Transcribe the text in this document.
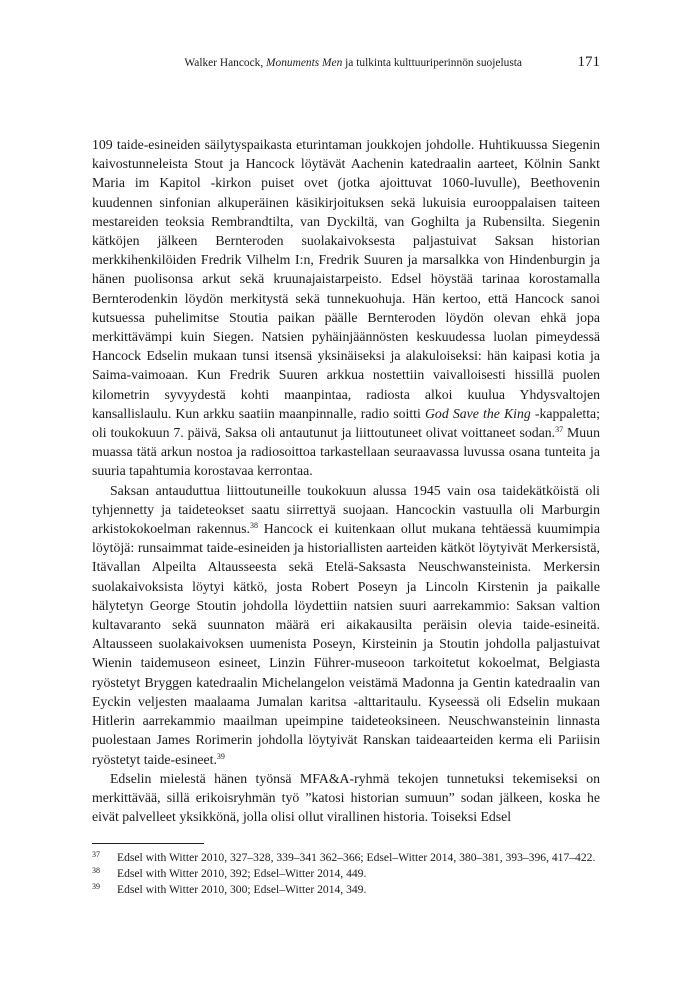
Walker Hancock, Monuments Men ja tulkinta kulttuuriperinnön suojelusta	171

109 taide-esineiden säilytyspaikasta eturintaman joukkojen johdolle. Huhtikuussa Siegenin kaivostunneleista Stout ja Hancock löytävät Aachenin katedraalin aarteet, Kölnin Sankt Maria im Kapitol -kirkon puiset ovet (jotka ajoittuvat 1060-luvulle), Beethovenin kuudennen sinfonian alkuperäinen käsikirjoituksen sekä lukuisia eurooppalaisen taiteen mestareiden teoksia Rembrandtilta, van Dyckiltä, van Goghilta ja Rubensilta. Siegenin kätköjen jälkeen Bernteroden suolakaivoksesta paljastuivat Saksan historian merkkihenkilöiden Fredrik Vilhelm I:n, Fredrik Suuren ja marsalkka von Hindenburgin ja hänen puolisonsa arkut sekä kruunajaistarpeisto. Edsel höystää tarinaa korostamalla Bernterodenkin löydön merkitystä sekä tunnekuohuja. Hän kertoo, että Hancock sanoi kutsuessa puhelimitse Stoutia paikan päälle Bernteroden löydön olevan ehkä jopa merkittävämpi kuin Siegen. Natsien pyhäinjäännösten keskuudessa luolan pimeydessä Hancock Edselin mukaan tunsi itsensä yksinäiseksi ja alakuloiseksi: hän kaipasi kotia ja Saima-vaimoaan. Kun Fredrik Suuren arkkua nostettiin vaivalloisesti hissillä puolen kilometrin syvyydestä kohti maanpintaa, radiosta alkoi kuulua Yhdysvaltojen kansallislaulu. Kun arkku saatiin maanpinnalle, radio soitti God Save the King -kappaletta; oli toukokuun 7. päivä, Saksa oli antautunut ja liittoutuneet olivat voittaneet sodan.$^{37}$ Muun muassa tätä arkun nostoa ja radiosoittoa tarkastellaan seuraavassa luvussa osana tunteita ja suuria tapahtumia korostavaa kerrontaa.

Saksan antauduttua liittoutuneille toukokuun alussa 1945 vain osa taidekätköistä oli tyhjennetty ja taideteokset saatu siirrettyä suojaan. Hancockin vastuulla oli Marburgin arkistokokoelman rakennus.$^{38}$ Hancock ei kuitenkaan ollut mukana tehtäessä kuumimpia löytöjä: runsaimmat taide-esineiden ja historiallisten aarteiden kätköt löytyivät Merkersistä, Itävallan Alpeilta Altausseesta sekä Etelä-Saksasta Neuschwansteinista. Merkersin suolakaivoksista löytyi kätkö, josta Robert Poseyn ja Lincoln Kirstenin ja paikalle hälytetyn George Stoutin johdolla löydettiin natsien suuri aarrekammio: Saksan valtion kultavaranto sekä suunnaton määrä eri aikakausilta peräisin olevia taide-esineitä. Altausseen suolakaivoksen uumenista Poseyn, Kirsteinin ja Stoutin johdolla paljastuivat Wienin taidemuseon esineet, Linzin Führer-museoon tarkoitetut kokoelmat, Belgiasta ryöstetyt Bryggen katedraalin Michelangelon veistämä Madonna ja Gentin katedraalin van Eyckin veljesten maalaama Jumalan karitsa -alttaritaulu. Kyseessä oli Edselin mukaan Hitlerin aarrekammio maailman upeimpine taideteoksineen. Neuschwansteinin linnasta puolestaan James Rorimerin johdolla löytyivät Ranskan taideaarteiden kerma eli Pariisin ryöstetyt taide-esineet.$^{39}$

Edselin mielestä hänen työnsä MFA&A-ryhmä tekojen tunnetuksi tekemiseksi on merkittävää, sillä erikoisryhmän työ ”katosi historian sumuun” sodan jälkeen, koska he eivät palvelleet yksikkönä, jolla olisi ollut virallinen historia. Toiseksi Edsel

37 Edsel with Witter 2010, 327–328, 339–341 362–366; Edsel–Witter 2014, 380–381, 393–396, 417–422.
38 Edsel with Witter 2010, 392; Edsel–Witter 2014, 449.
39 Edsel with Witter 2010, 300; Edsel–Witter 2014, 349.
